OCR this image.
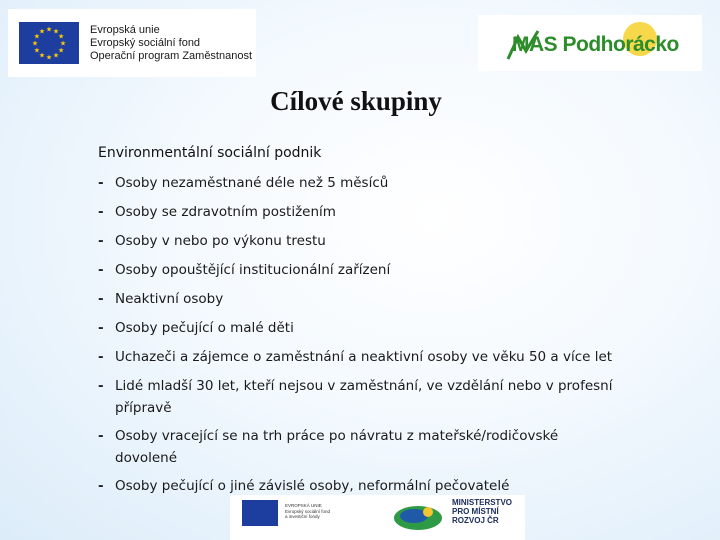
★ ★
★
★
★
★
★
★
★
★
★
★	Evropská unie
Evropský sociální fond
Operační program Zaměstnanost	MAS Podhorácko
Cílové skupiny
Environmentální sociální podnik
- Osoby nezaměstnané déle než 5 měsíců
- Osoby se zdravotním postižením
- Osoby v nebo po výkonu trestu
- Osoby opouštějící institucionální zařízení
- Neaktivní osoby
- Osoby pečující o malé děti
- Uchazeči a zájemce o zaměstnání a neaktivní osoby ve věku 50 a více let
- Lidé mladší 30 let, kteří nejsou v zaměstnání, ve vzdělání nebo v profesní
přípravě
- Osoby vracející se na trh práce po návratu z mateřské/rodičovské
dovolené
- Osoby pečující o jiné závislé osoby, neformální pečovatelé
EVROPSKÁ UNIE
Evropský sociální fond
a investiční fondy
MINISTERSTVO
PRO MÍSTNÍ
ROZVOJ ČR
